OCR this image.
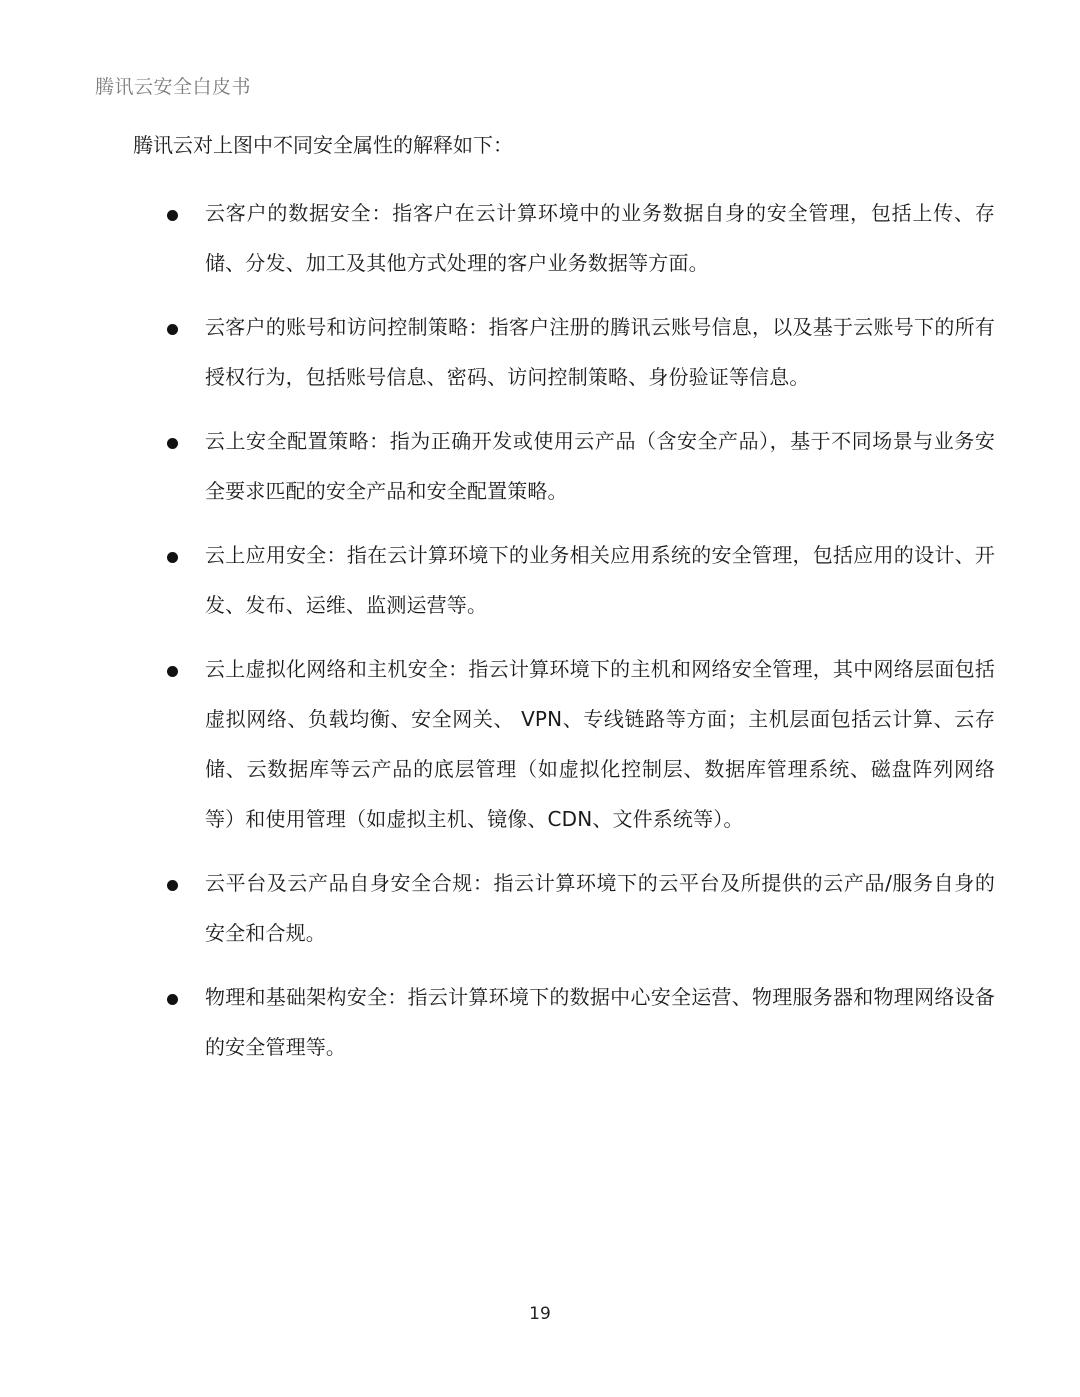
腾讯云安全白皮书

腾讯云对上图中不同安全属性的解释如下：

云客户的数据安全：指客户在云计算环境中的业务数据自身的安全管理，包括上传、存储、分发、加工及其他方式处理的客户业务数据等方面。

云客户的账号和访问控制策略：指客户注册的腾讯云账号信息，以及基于云账号下的所有授权行为，包括账号信息、密码、访问控制策略、身份验证等信息。

云上安全配置策略：指为正确开发或使用云产品（含安全产品），基于不同场景与业务安全要求匹配的安全产品和安全配置策略。

云上应用安全：指在云计算环境下的业务相关应用系统的安全管理，包括应用的设计、开发、发布、运维、监测运营等。

云上虚拟化网络和主机安全：指云计算环境下的主机和网络安全管理，其中网络层面包括虚拟网络、负载均衡、安全网关、 VPN、专线链路等方面；主机层面包括云计算、云存储、云数据库等云产品的底层管理（如虚拟化控制层、数据库管理系统、磁盘阵列网络等）和使用管理（如虚拟主机、镜像、CDN、文件系统等）。

云平台及云产品自身安全合规：指云计算环境下的云平台及所提供的云产品/服务自身的安全和合规。

物理和基础架构安全：指云计算环境下的数据中心安全运营、物理服务器和物理网络设备的安全管理等。

19
